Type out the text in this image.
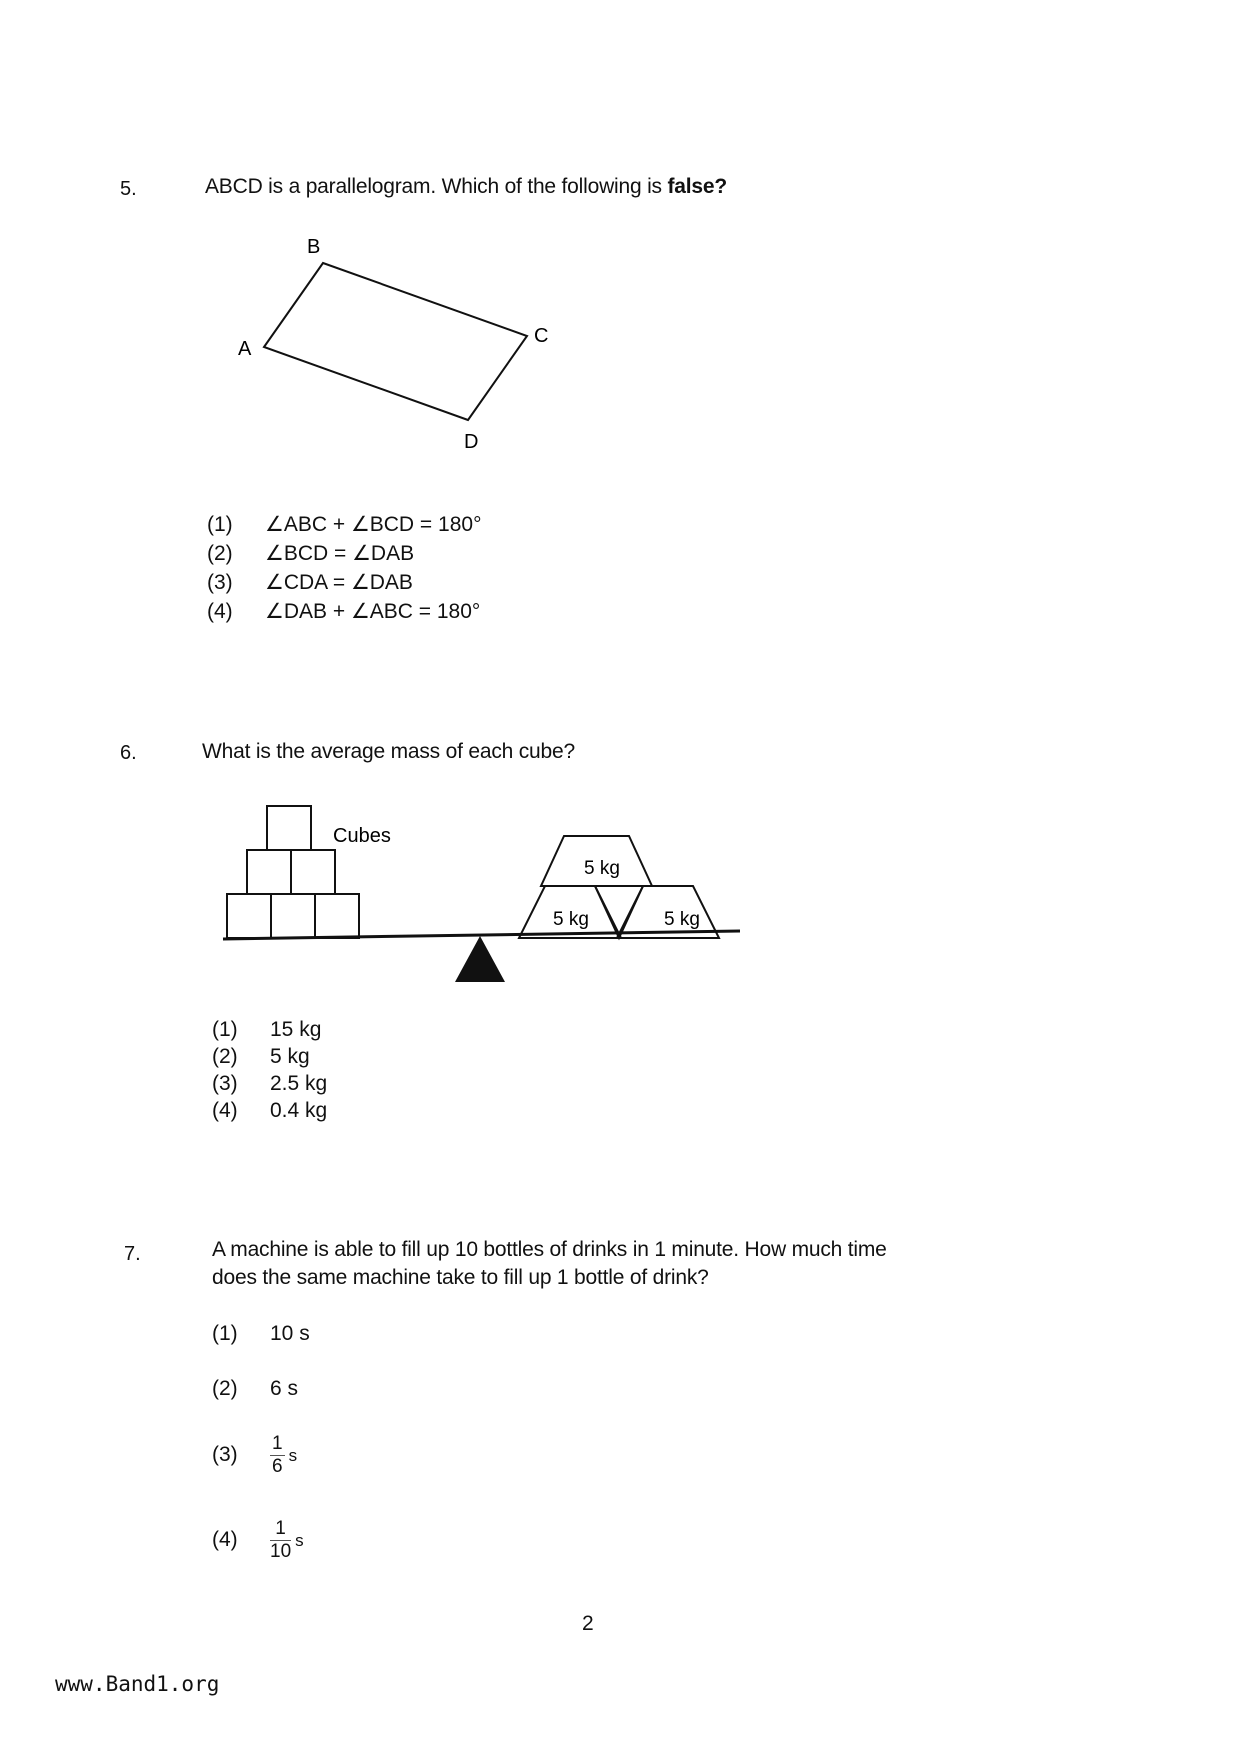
5.	ABCD is a parallelogram. Which of the following is false?
A
B
C
D
(1) ∠ABC + ∠BCD = 180°
(2) ∠BCD = ∠DAB
(3) ∠CDA = ∠DAB
(4) ∠DAB + ∠ABC = 180°
6.	What is the average mass of each cube?
Cubes
5 kg
5 kg	5 kg
(1) 15 kg
(2) 5 kg
(3) 2.5 kg
(4) 0.4 kg
7.	A machine is able to fill up 10 bottles of drinks in 1 minute. How much time
does the same machine take to fill up 1 bottle of drink?
(1) 10 s
(2) 6 s
$(3) \frac{1}{6}$ s
$(4) \frac{1}{10}$ s
2
www.Band1.org
